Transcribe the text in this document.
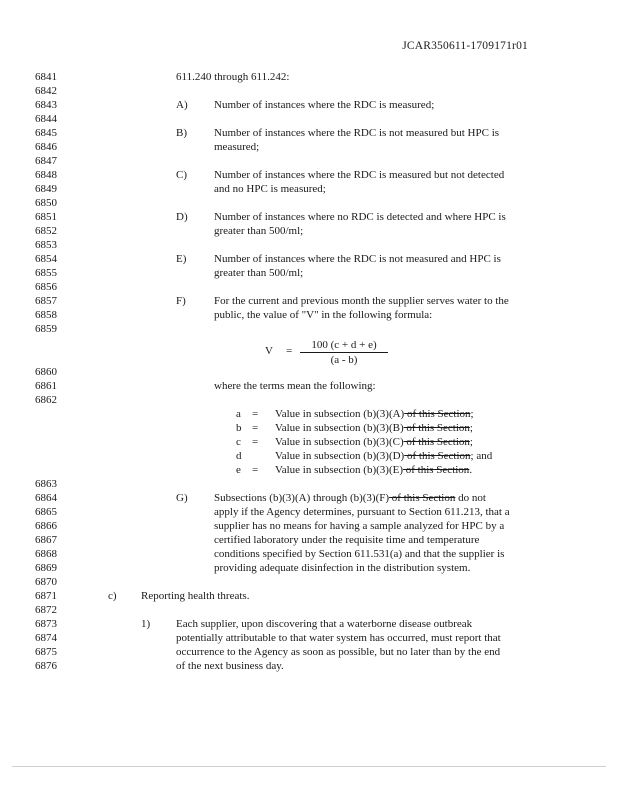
JCAR350611-1709171r01
6841
6842
6843
6844
6845
6846
6847
6848
6849
6850
6851
6852
6853
6854
6855
6856
6857
6858
6859
6860
6861
6862
6863
6864
6865
6866
6867
6868
6869
6870
6871
6872
6873
6874
6875
6876
611.240 through 611.242:
A) Number of instances where the RDC is measured;
B) Number of instances where the RDC is not measured but HPC is
measured;
C) Number of instances where the RDC is measured but not detected
and no HPC is measured;
D) Number of instances where no RDC is detected and where HPC is
greater than 500/ml;
E)	Number of instances where the RDC is not measured and HPC is
greater than 500/ml;
F)	For the current and previous month the supplier serves water to the
public, the value of "V" in the following formula:
V =	100 (c + d + e)
(a - b)
where the terms mean the following:
a = Value in subsection (b)(3)(A) of this Section;
b = Value in subsection (b)(3)(B) of this Section;
c = Value in subsection (b)(3)(C) of this Section;
d	Value in subsection (b)(3)(D) of this Section; and
e = Value in subsection (b)(3)(E) of this Section.
G) Subsections (b)(3)(A) through (b)(3)(F) of this Section do not
apply if the Agency determines, pursuant to Section 611.213, that a
supplier has no means for having a sample analyzed for HPC by a
certified laboratory under the requisite time and temperature
conditions specified by Section 611.531(a) and that the supplier is
providing adequate disinfection in the distribution system.
c) Reporting health threats.
1) Each supplier, upon discovering that a waterborne disease outbreak
potentially attributable to that water system has occurred, must report that
occurrence to the Agency as soon as possible, but no later than by the end
of the next business day.
